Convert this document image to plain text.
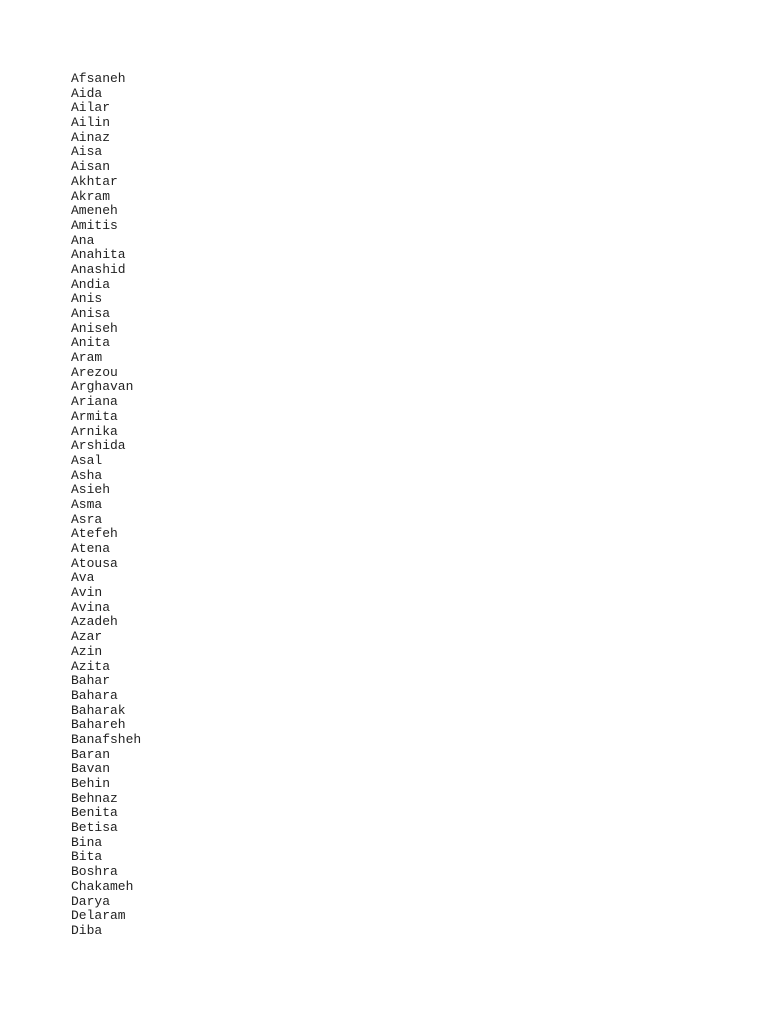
Afsaneh
Aida
Ailar
Ailin
Ainaz
Aisa
Aisan
Akhtar
Akram
Ameneh
Amitis
Ana
Anahita
Anashid
Andia
Anis
Anisa
Aniseh
Anita
Aram
Arezou
Arghavan
Ariana
Armita
Arnika
Arshida
Asal
Asha
Asieh
Asma
Asra
Atefeh
Atena
Atousa
Ava
Avin
Avina
Azadeh
Azar
Azin
Azita
Bahar
Bahara
Baharak
Bahareh
Banafsheh
Baran
Bavan
Behin
Behnaz
Benita
Betisa
Bina
Bita
Boshra
Chakameh
Darya
Delaram
Diba
